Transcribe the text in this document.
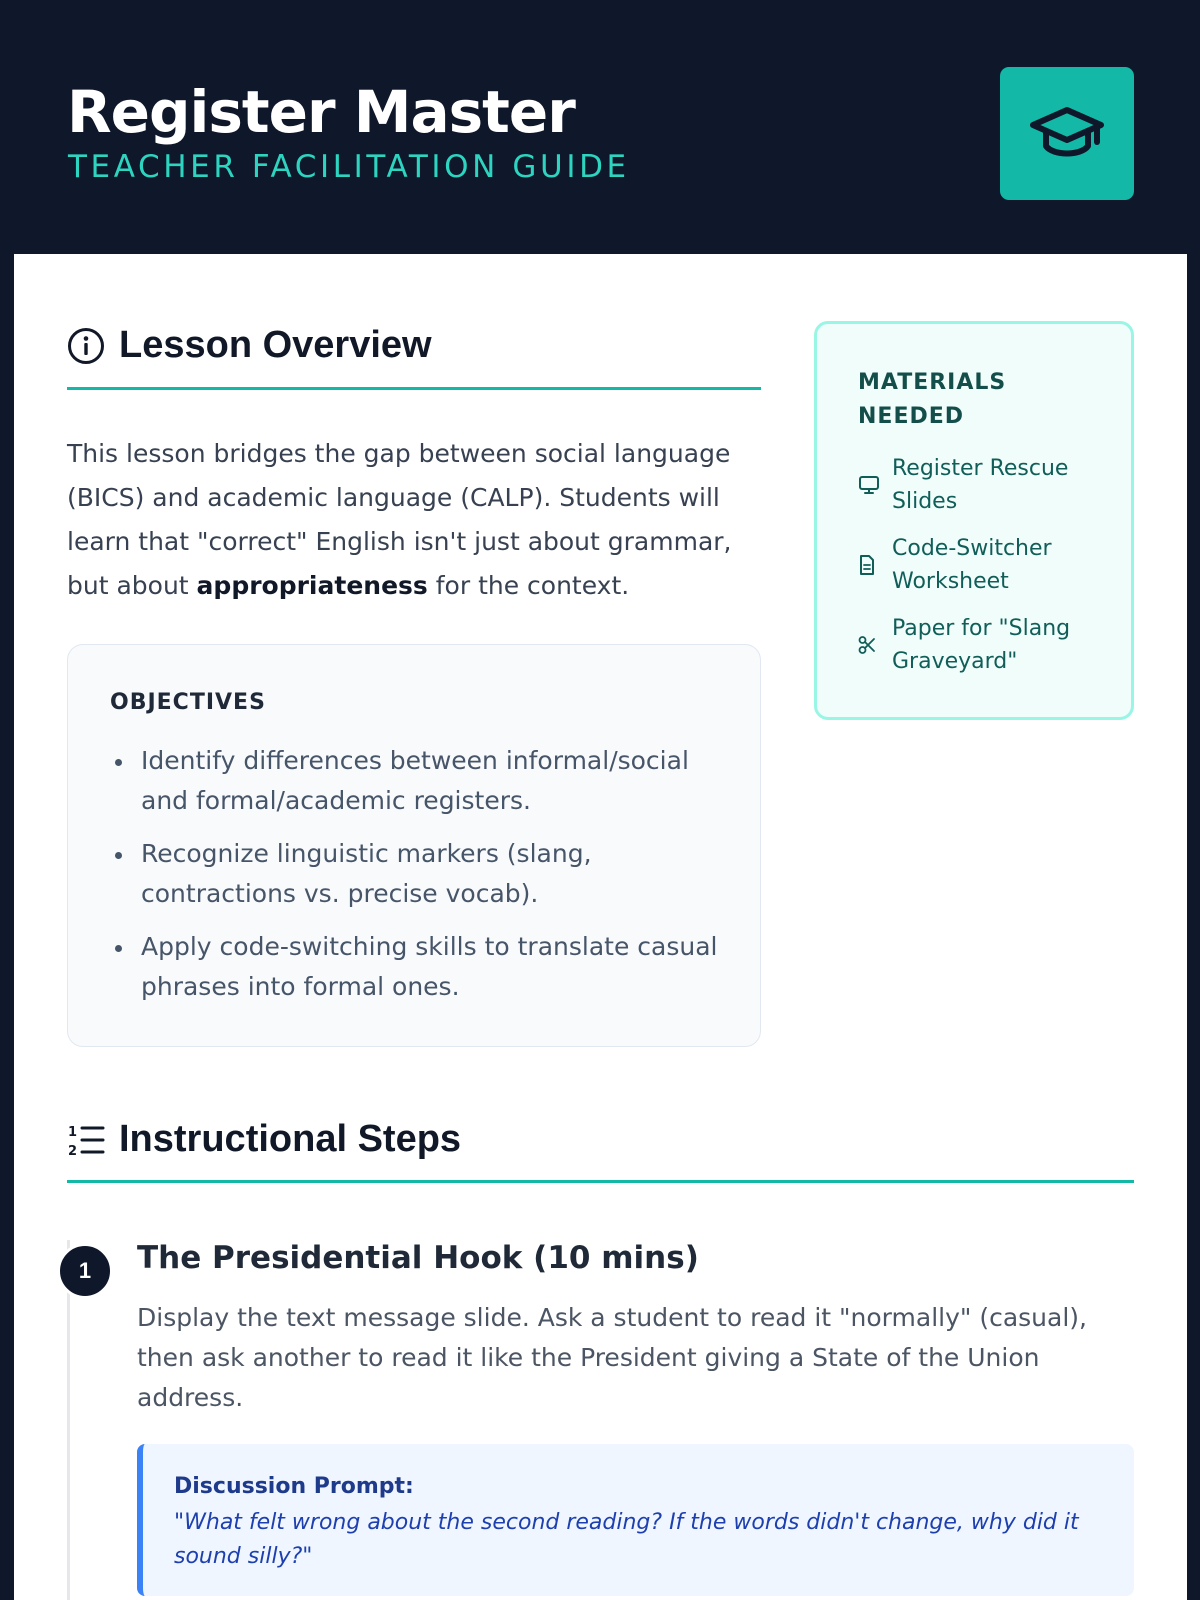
Register Master
TEACHER FACILITATION GUIDE
Lesson Overview

This lesson bridges the gap between social language (BICS) and academic language (CALP). Students will learn that "correct" English isn't just about grammar, but about appropriateness for the context.

OBJECTIVES
Identify differences between informal/social and formal/academic registers.
Recognize linguistic markers (slang, contractions vs. precise vocab).
Apply code-switching skills to translate casual phrases into formal ones.
MATERIALS NEEDED
Register Rescue Slides
Code-Switcher Worksheet
Paper for "Slang Graveyard"
1
2 Instructional Steps
1	The Presidential Hook (10 mins)

Display the text message slide. Ask a student to read it "normally" (casual), then ask another to read it like the President giving a State of the Union address.

Discussion Prompt:
"What felt wrong about the second reading? If the words didn't change, why did it sound silly?"
